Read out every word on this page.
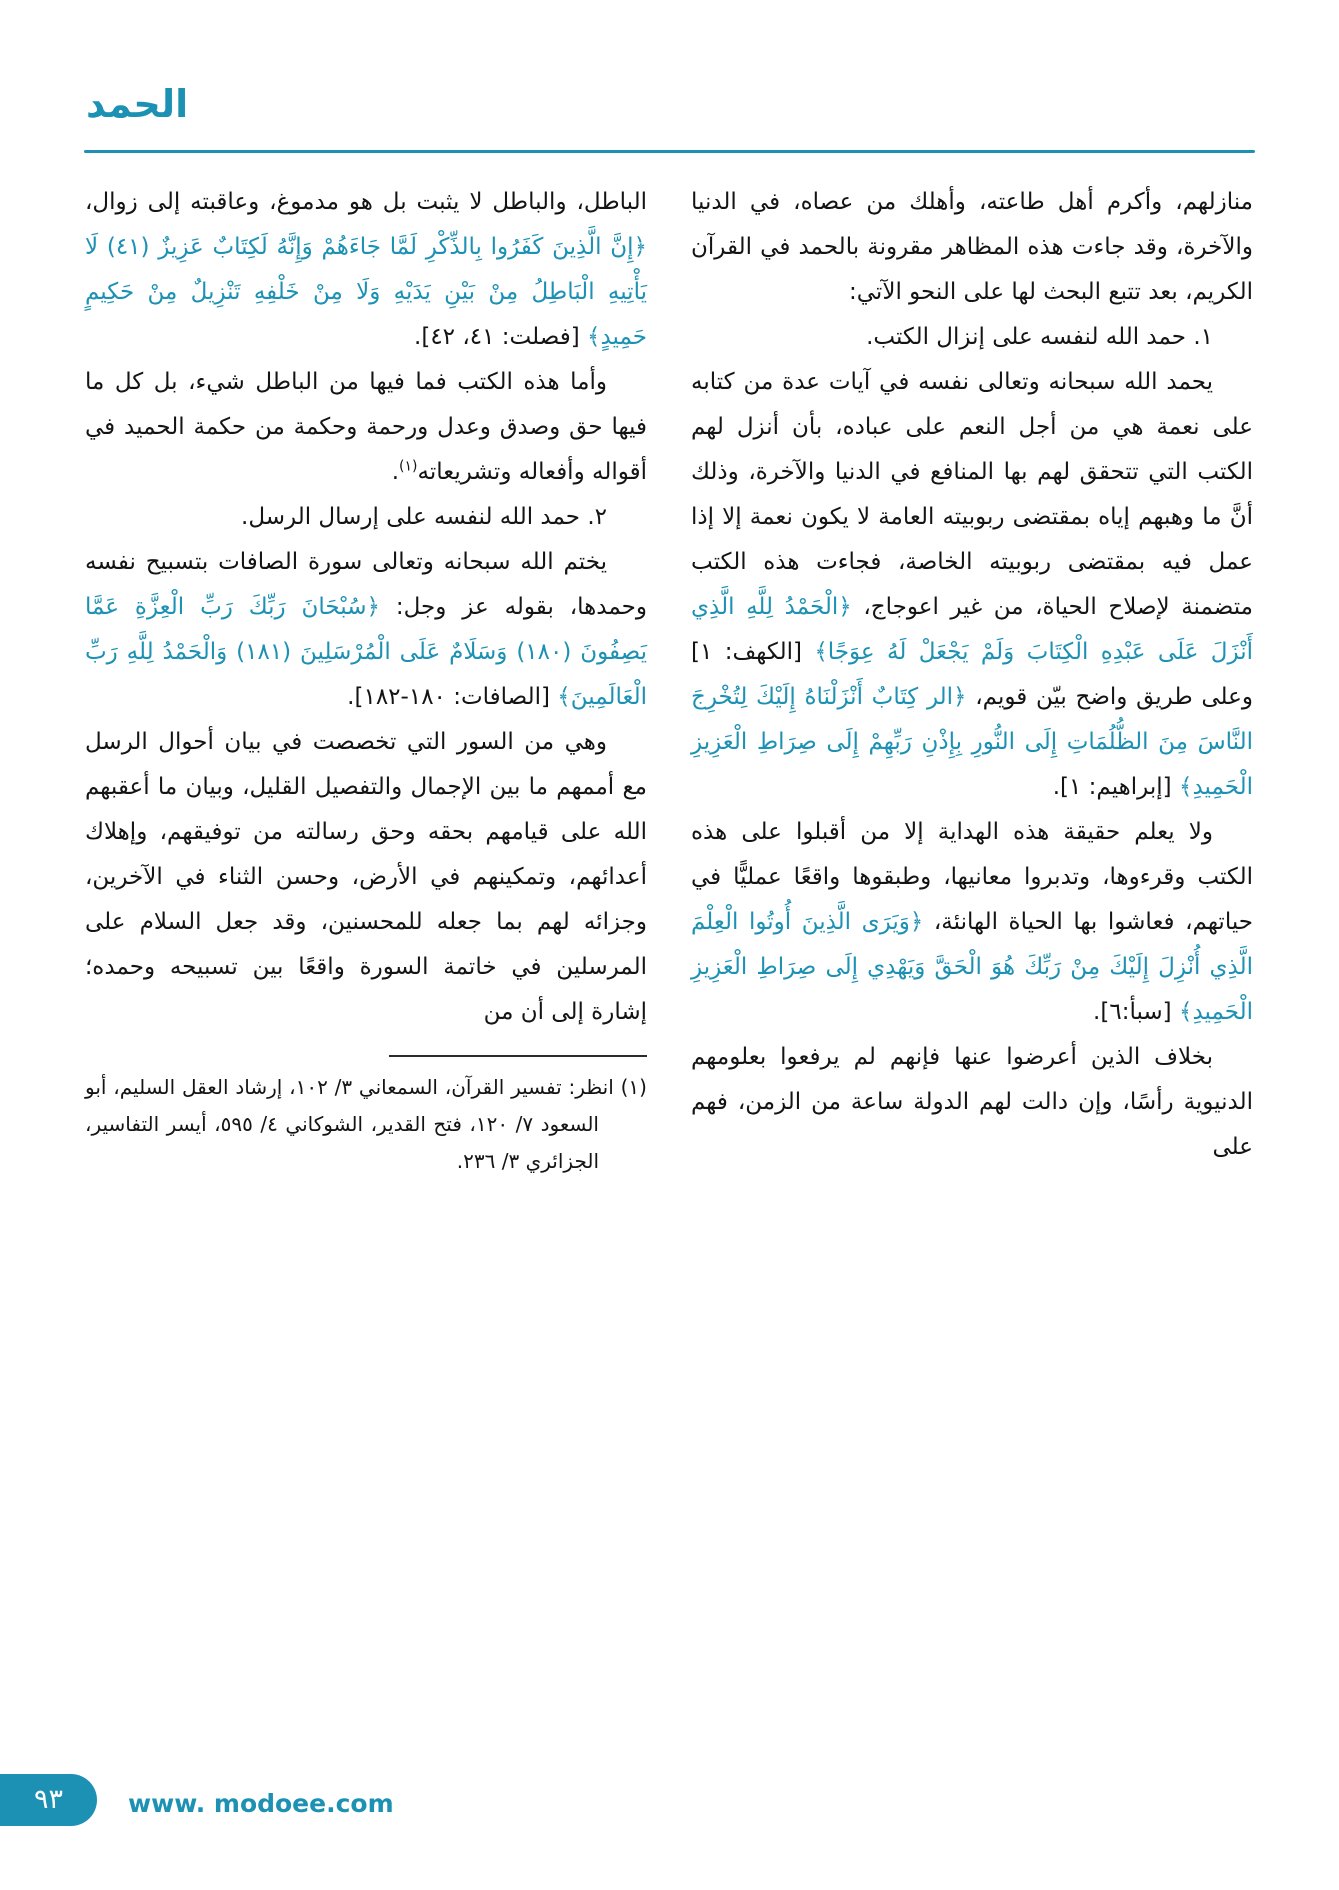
الحمد

منازلهم، وأكرم أهل طاعته، وأهلك من عصاه، في الدنيا والآخرة، وقد جاءت هذه المظاهر مقرونة بالحمد في القرآن الكريم، بعد تتبع البحث لها على النحو الآتي:

١. حمد الله لنفسه على إنزال الكتب.

يحمد الله سبحانه وتعالى نفسه في آيات عدة من كتابه على نعمة هي من أجل النعم على عباده، بأن أنزل لهم الكتب التي تتحقق لهم بها المنافع في الدنيا والآخرة، وذلك أنَّ ما وهبهم إياه بمقتضى ربوبيته العامة لا يكون نعمة إلا إذا عمل فيه بمقتضى ربوبيته الخاصة، فجاءت هذه الكتب متضمنة لإصلاح الحياة، من غير اعوجاج، ﴿الْحَمْدُ لِلَّهِ الَّذِي أَنْزَلَ عَلَى عَبْدِهِ الْكِتَابَ وَلَمْ يَجْعَلْ لَهُ عِوَجًا﴾ [الكهف: ١] وعلى طريق واضح بيّن قويم، ﴿الر كِتَابٌ أَنْزَلْنَاهُ إِلَيْكَ لِتُخْرِجَ النَّاسَ مِنَ الظُّلُمَاتِ إِلَى النُّورِ بِإِذْنِ رَبِّهِمْ إِلَى صِرَاطِ الْعَزِيزِ الْحَمِيدِ﴾ [إبراهيم: ١].

ولا يعلم حقيقة هذه الهداية إلا من أقبلوا على هذه الكتب وقرءوها، وتدبروا معانيها، وطبقوها واقعًا عمليًّا في حياتهم، فعاشوا بها الحياة الهانئة، ﴿وَيَرَى الَّذِينَ أُوتُوا الْعِلْمَ الَّذِي أُنْزِلَ إِلَيْكَ مِنْ رَبِّكَ هُوَ الْحَقَّ وَيَهْدِي إِلَى صِرَاطِ الْعَزِيزِ الْحَمِيدِ﴾ [سبأ:٦].

بخلاف الذين أعرضوا عنها فإنهم لم يرفعوا بعلومهم الدنيوية رأسًا، وإن دالت لهم الدولة ساعة من الزمن، فهم على

الباطل، والباطل لا يثبت بل هو مدموغ، وعاقبته إلى زوال، ﴿إِنَّ الَّذِينَ كَفَرُوا بِالذِّكْرِ لَمَّا جَاءَهُمْ وَإِنَّهُ لَكِتَابٌ عَزِيزٌ (٤١) لَا يَأْتِيهِ الْبَاطِلُ مِنْ بَيْنِ يَدَيْهِ وَلَا مِنْ خَلْفِهِ تَنْزِيلٌ مِنْ حَكِيمٍ حَمِيدٍ﴾ [فصلت: ٤١، ٤٢].

وأما هذه الكتب فما فيها من الباطل شيء، بل كل ما فيها حق وصدق وعدل ورحمة وحكمة من حكمة الحميد في أقواله وأفعاله وتشريعاته$^{(١)}$.

٢. حمد الله لنفسه على إرسال الرسل.

يختم الله سبحانه وتعالى سورة الصافات بتسبيح نفسه وحمدها، بقوله عز وجل: ﴿سُبْحَانَ رَبِّكَ رَبِّ الْعِزَّةِ عَمَّا يَصِفُونَ (١٨٠) وَسَلَامٌ عَلَى الْمُرْسَلِينَ (١٨١) وَالْحَمْدُ لِلَّهِ رَبِّ الْعَالَمِينَ﴾ [الصافات: ١٨٠-١٨٢].

وهي من السور التي تخصصت في بيان أحوال الرسل مع أممهم ما بين الإجمال والتفصيل القليل، وبيان ما أعقبهم الله على قيامهم بحقه وحق رسالته من توفيقهم، وإهلاك أعدائهم، وتمكينهم في الأرض، وحسن الثناء في الآخرين، وجزائه لهم بما جعله للمحسنين، وقد جعل السلام على المرسلين في خاتمة السورة واقعًا بين تسبيحه وحمده؛ إشارة إلى أن من

(١) انظر: تفسير القرآن، السمعاني ٣/ ١٠٢، إرشاد العقل السليم، أبو السعود ٧/ ١٢٠، فتح القدير، الشوكاني ٤/ ٥٩٥، أيسر التفاسير، الجزائري ٣/ ٢٣٦.

٩٣	www. modoee.com
